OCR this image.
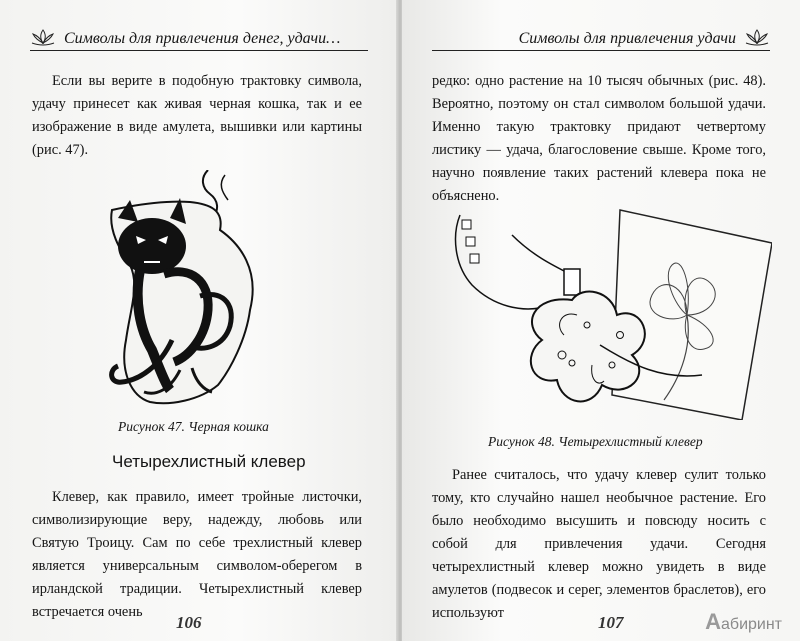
Символы для привлечения денег, удачи…

Если вы верите в подобную трактовку символа, удачу принесет как живая черная кошка, так и ее изображение в виде амулета, вышивки или картины (рис. 47).

Рисунок 47. Черная кошка
Четырехлистный клевер

Клевер, как правило, имеет тройные листочки, символизирующие веру, надежду, любовь или Святую Троицу. Сам по себе трехлистный клевер является универсальным символом-оберегом в ирландской традиции. Четырехлистный клевер встречается очень

106
Символы для привлечения удачи

редко: одно растение на 10 тысяч обычных (рис. 48). Вероятно, поэтому он стал символом большой удачи. Именно такую трактовку придают четвертому листику — удача, благословение свыше. Кроме того, научно появление таких растений клевера пока не объяснено.

Рисунок 48. Четырехлистный клевер

Ранее считалось, что удачу клевер сулит только тому, кто случайно нашел необычное растение. Его было необходимо высушить и повсюду носить с собой для привлечения удачи. Сегодня четырехлистный клевер можно увидеть в виде амулетов (подвесок и серег, элементов браслетов), его используют	107	Аабиринт
